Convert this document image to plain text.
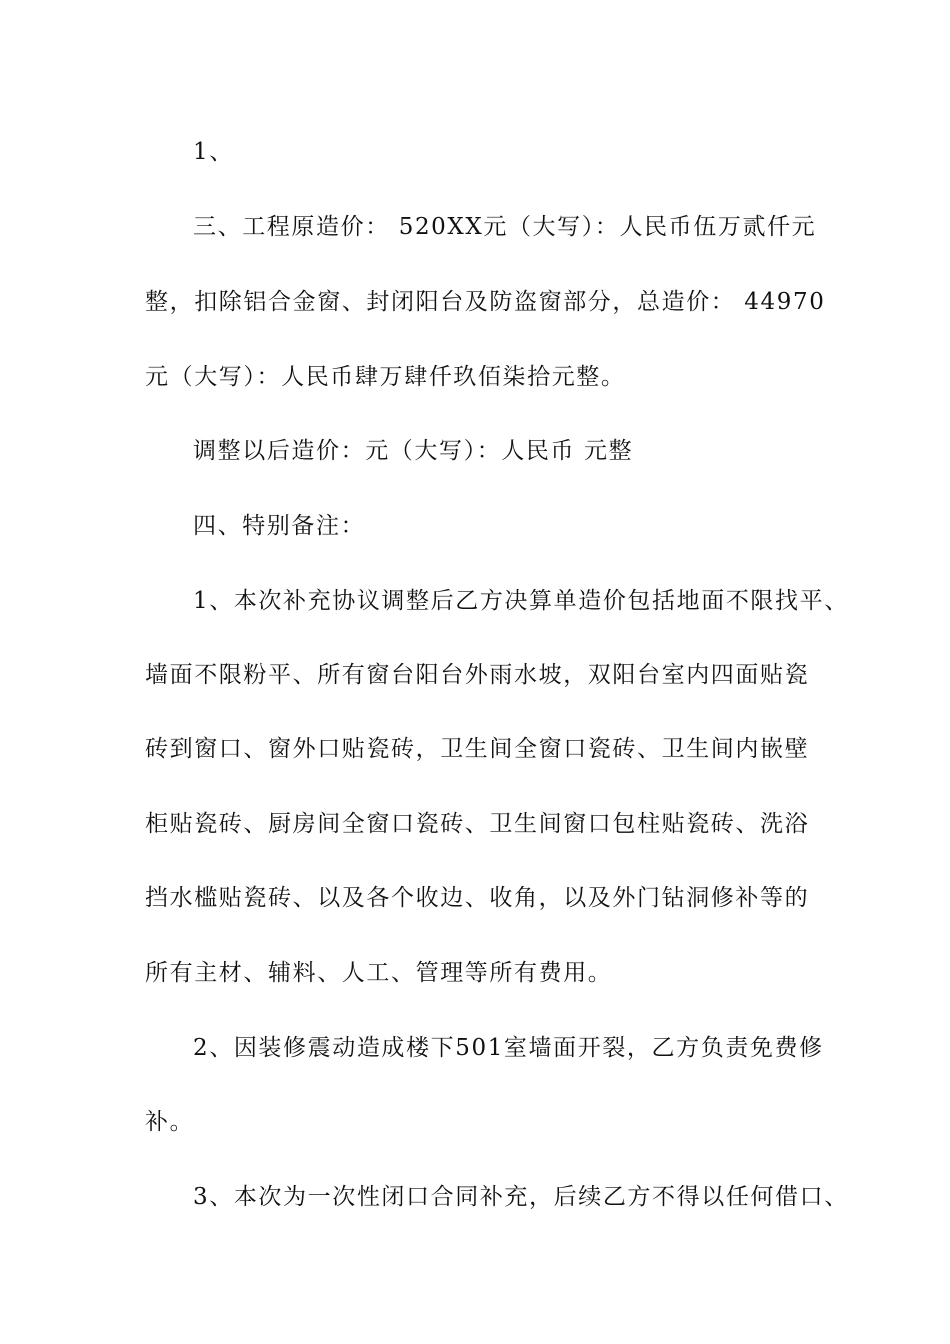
1、
三、工程原造价： 520XX元（大写）：人民币伍万贰仟元
整，扣除铝合金窗、封闭阳台及防盗窗部分，总造价： 44970
元（大写）：人民币肆万肆仟玖佰柒拾元整。
调整以后造价：元（大写）：人民币 元整
四、特别备注：
1、本次补充协议调整后乙方决算单造价包括地面不限找平、
墙面不限粉平、所有窗台阳台外雨水坡，双阳台室内四面贴瓷
砖到窗口、窗外口贴瓷砖，卫生间全窗口瓷砖、卫生间内嵌壁
柜贴瓷砖、厨房间全窗口瓷砖、卫生间窗口包柱贴瓷砖、洗浴
挡水槛贴瓷砖、以及各个收边、收角，以及外门钻洞修补等的
所有主材、辅料、人工、管理等所有费用。
2、因装修震动造成楼下501室墙面开裂，乙方负责免费修
补。
3、本次为一次性闭口合同补充，后续乙方不得以任何借口、
